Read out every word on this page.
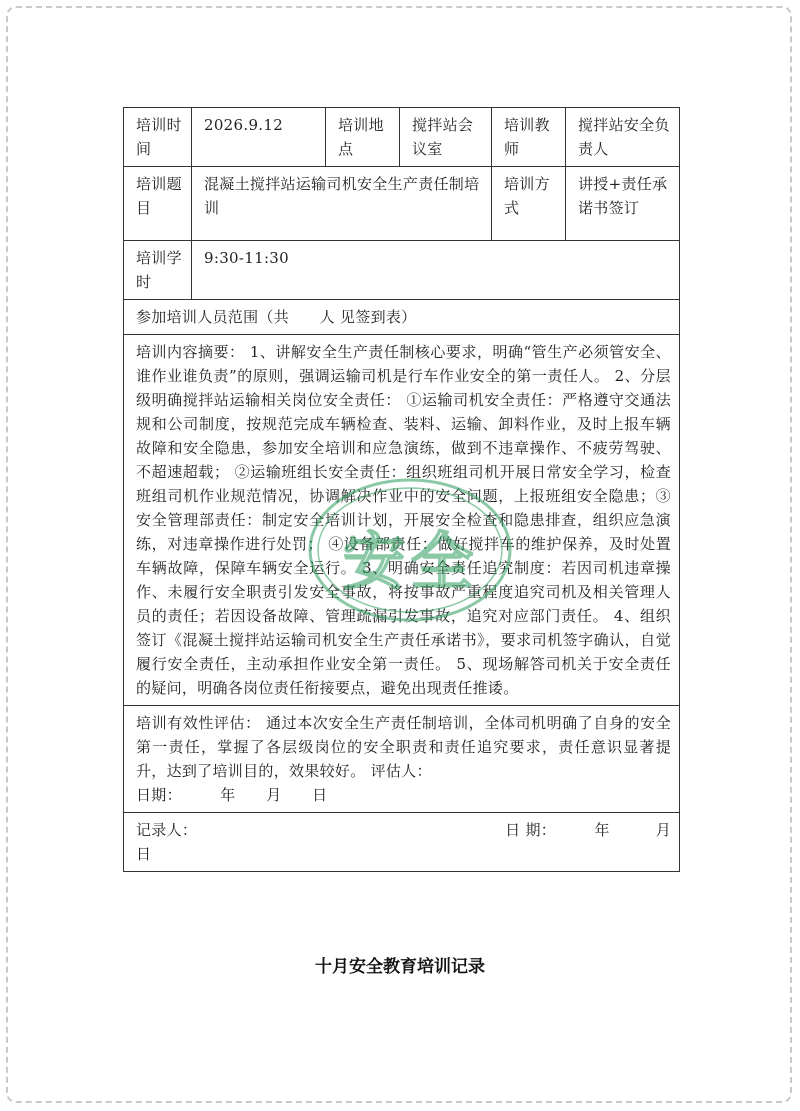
培训时间	2026.9.12	培训地点	搅拌站会议室	培训教师	搅拌站安全负责人
培训题目	混凝土搅拌站运输司机安全生产责任制培训			培训方式	讲授+责任承诺书签订
培训学时	9:30-11:30				
参加培训人员范围（共　　人 见签到表）					
培训内容摘要： 1、讲解安全生产责任制核心要求，明确“管生产必须管安全、谁作业谁负责”的原则，强调运输司机是行车作业安全的第一责任人。 2、分层级明确搅拌站运输相关岗位安全责任： ①运输司机安全责任：严格遵守交通法规和公司制度，按规范完成车辆检查、装料、运输、卸料作业，及时上报车辆故障和安全隐患，参加安全培训和应急演练，做到不违章操作、不疲劳驾驶、不超速超载； ②运输班组长安全责任：组织班组司机开展日常安全学习，检查班组司机作业规范情况，协调解决作业中的安全问题，上报班组安全隐患；③安全管理部责任：制定安全培训计划，开展安全检查和隐患排查，组织应急演练，对违章操作进行处罚； ④设备部责任：做好搅拌车的维护保养，及时处置车辆故障，保障车辆安全运行。 3、明确安全责任追究制度：若因司机违章操作、未履行安全职责引发安全事故，将按事故严重程度追究司机及相关管理人员的责任；若因设备故障、管理疏漏引发事故，追究对应部门责任。 4、组织签订《混凝土搅拌站运输司机安全生产责任承诺书》，要求司机签字确认，自觉履行安全责任，主动承担作业安全第一责任。 5、现场解答司机关于安全责任的疑问，明确各岗位责任衔接要点，避免出现责任推诿。					

培训有效性评估： 通过本次安全生产责任制培训，全体司机明确了自身的安全第一责任，掌握了各层级岗位的安全职责和责任追究要求，责任意识显著提升，达到了培训目的，效果较好。 评估人：
日期：　　　年　　月　　日					

记录人： 日 期：　　　年　　　月
日					
安全
十月安全教育培训记录
